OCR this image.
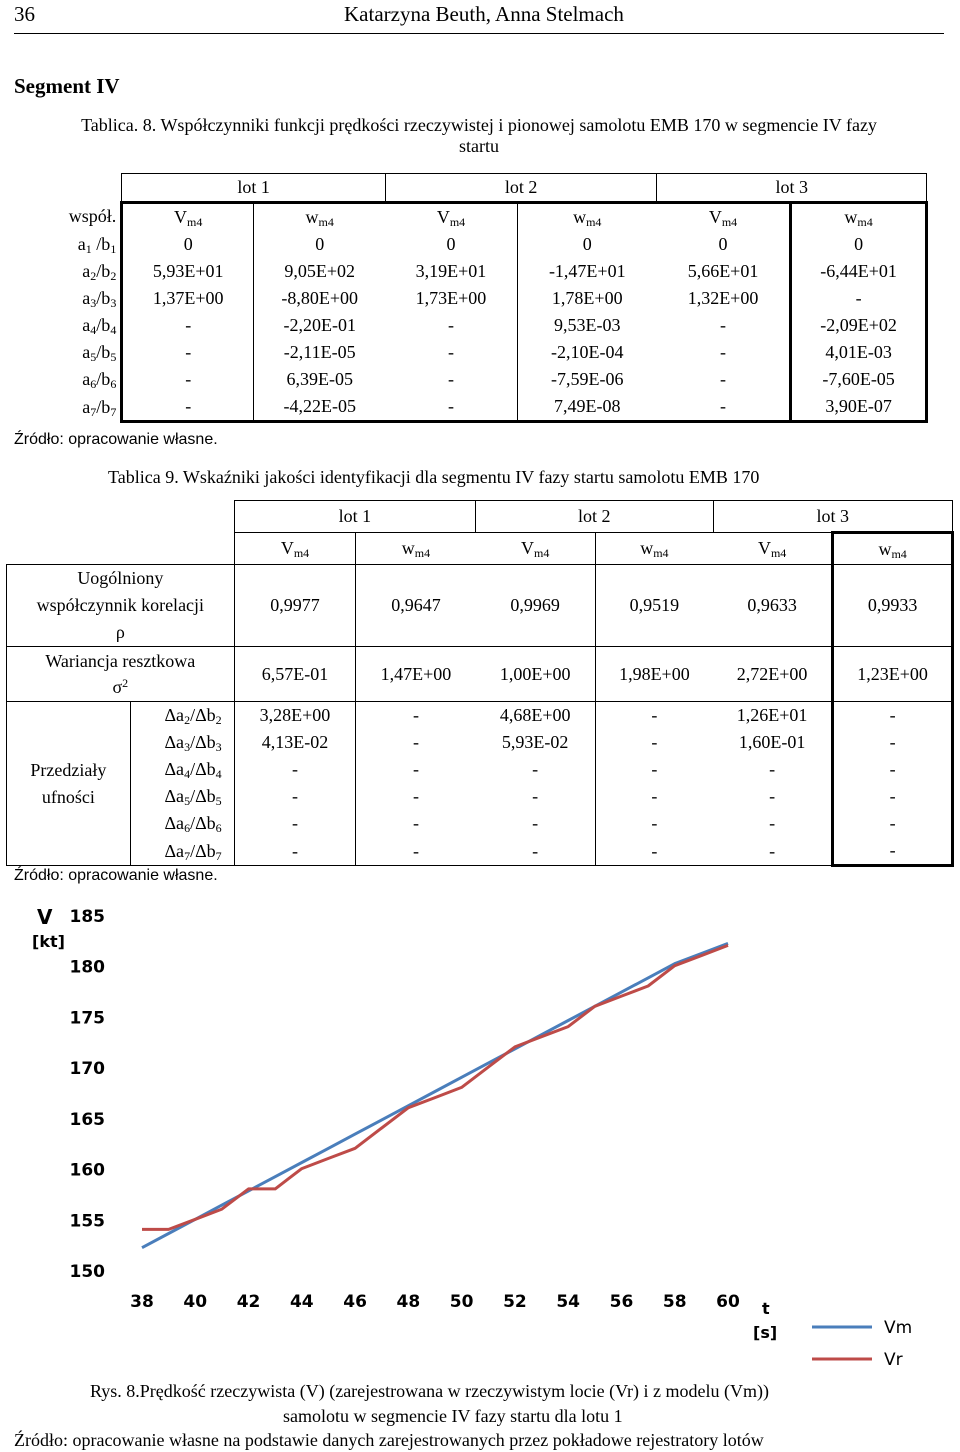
36	Katarzyna Beuth, Anna Stelmach
Segment IV
Tablica. 8. Współczynniki funkcji prędkości rzeczywistej i pionowej samolotu EMB 170 w segmencie IV fazy
startu
	lot 1		lot 2		lot 3	
współ.	$V_{m4}$	$w_{m4}$	$V_{m4}$	$w_{m4}$	$V_{m4}$	$w_{m4}$
$a_1$ $/b_1$	0	0	0	0	0	0
$a_2/b_2$	5,93E+01	9,05E+02	3,19E+01	-1,47E+01	5,66E+01	-6,44E+01
$a_3/b_3$	1,37E+00	-8,80E+00	1,73E+00	1,78E+00	1,32E+00	-
$a_4/b_4$	-	-2,20E-01	-	9,53E-03	-	-2,09E+02
$a_5/b_5$	-	-2,11E-05	-	-2,10E-04	-	4,01E-03
$a_6/b_6$	-	6,39E-05	-	-7,59E-06	-	-7,60E-05
$a_7/b_7$	-	-4,22E-05	-	7,49E-08	-	3,90E-07
Źródło: opracowanie własne.
Tablica 9. Wskaźniki jakości identyfikacji dla segmentu IV fazy startu samolotu EMB 170
		lot 1		lot 2		lot 3	
		$V_{m4}$	$w_{m4}$	$V_{m4}$	$w_{m4}$	$V_{m4}$	$w_{m4}$

Uogólniony
współczynnik korelacji
ρ		0,9977	0,9647	0,9969	0,9519	0,9633	0,9933

Wariancja resztkowa
$\sigma^2$		6,57E-01	1,47E+00	1,00E+00	1,98E+00	2,72E+00	1,23E+00

Przedziały
ufności	$\Delta a_2/\Delta b_2$	3,28E+00	-	4,68E+00	-	1,26E+01	-
	$\Delta a_3/\Delta b_3$	4,13E-02	-	5,93E-02	-	1,60E-01	-
	$\Delta a_4/\Delta b_4$	-	-	-	-	-	-
	$\Delta a_5/\Delta b_5$	-	-	-	-	-	-
	$\Delta a_6/\Delta b_6$	-	-	-	-	-	-
	$\Delta a_7/\Delta b_7$	-	-	-	-	-	-
Źródło: opracowanie własne.
V
[kt]
t
[s]
150
155
160
165
170
175
180
185
38 40 42 44 46 48 50 52 54 56 58 60
Vm
Vr
Rys. 8.Prędkość rzeczywista (V) (zarejestrowana w rzeczywistym locie (Vr) i z modelu (Vm))
samolotu w segmencie IV fazy startu dla lotu 1
Źródło: opracowanie własne na podstawie danych zarejestrowanych przez pokładowe rejestratory lotów
